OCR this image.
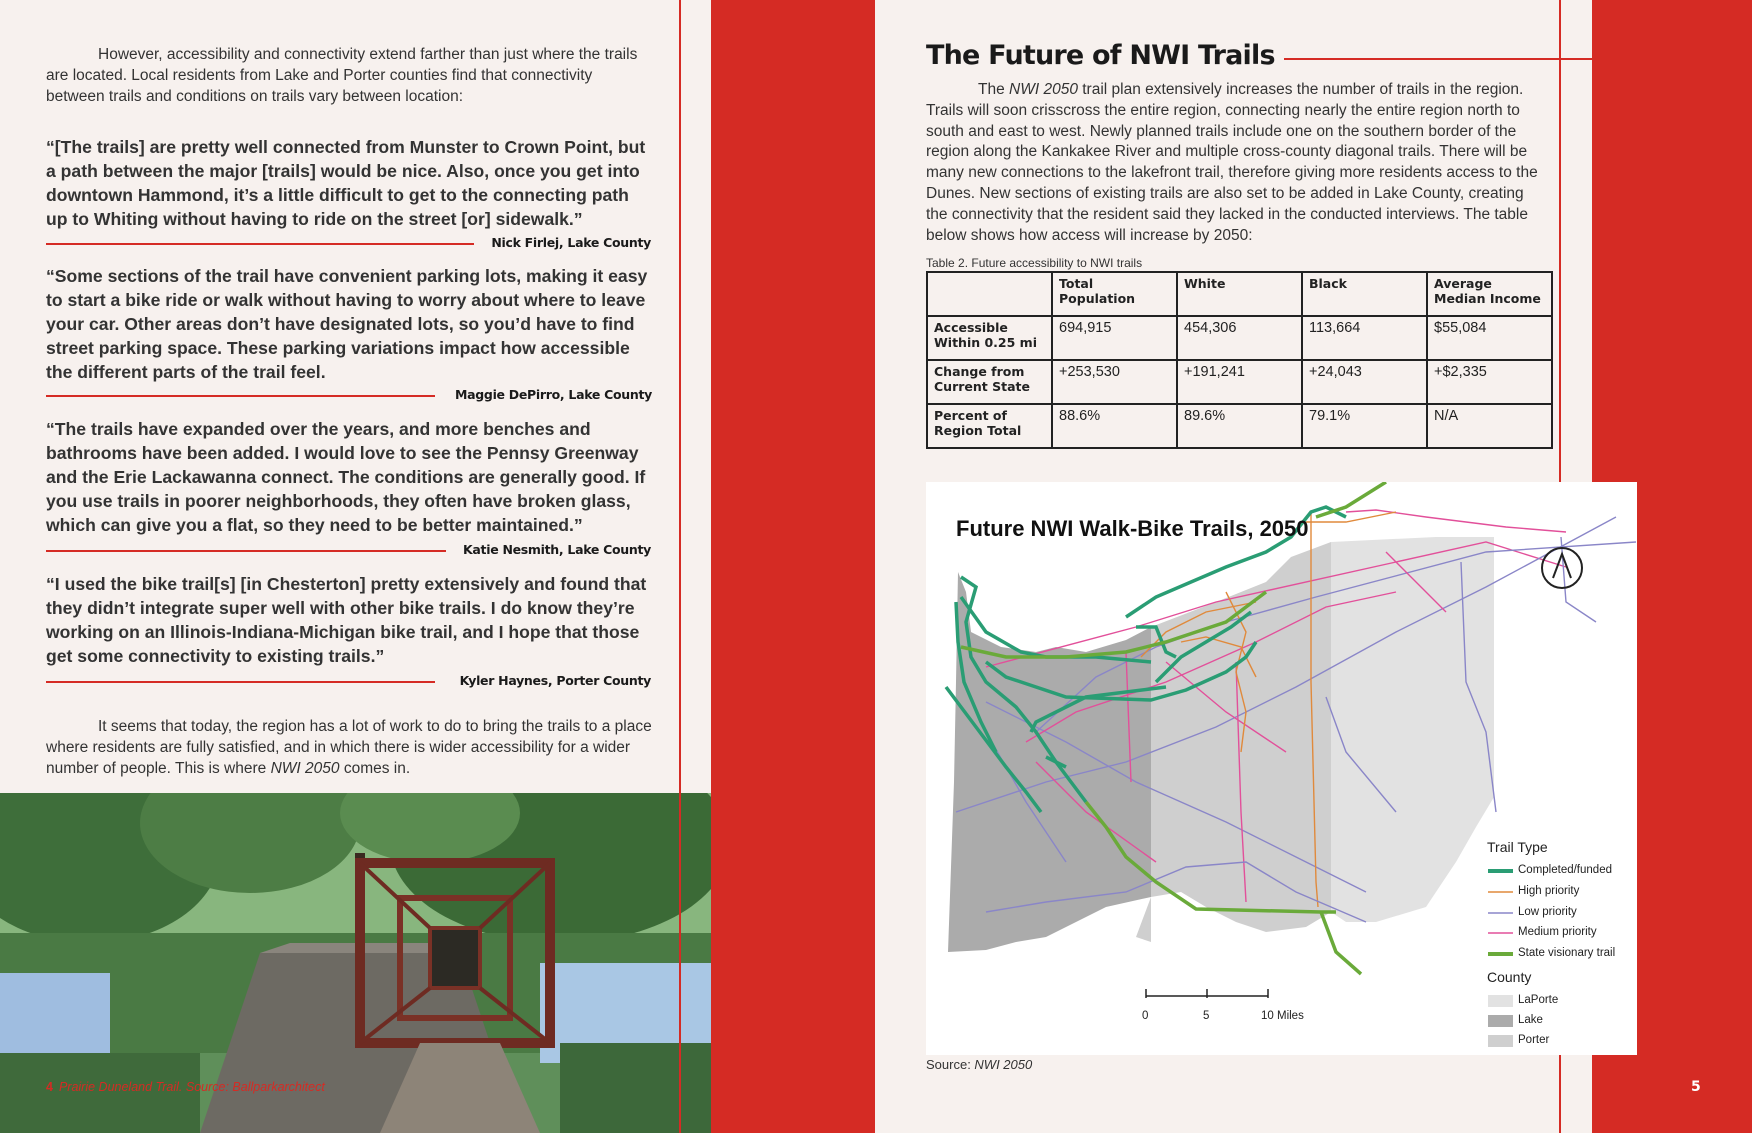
However, accessibility and connectivity extend farther than just where the trails are located. Local residents from Lake and Porter counties find that connectivity between trails and conditions on trails vary between location:

“[The trails] are pretty well connected from Munster to Crown Point, but a path between the major [trails] would be nice. Also, once you get into downtown Hammond, it’s a little difficult to get to the connecting path up to Whiting without having to ride on the street [or] sidewalk.”

Nick Firlej, Lake County

“Some sections of the trail have convenient parking lots, making it easy to start a bike ride or walk without having to worry about where to leave your car. Other areas don’t have designated lots, so you’d have to find street parking space. These parking variations impact how accessible the different parts of the trail feel.

Maggie DePirro, Lake County

“The trails have expanded over the years, and more benches and bathrooms have been added. I would love to see the Pennsy Greenway and the Erie Lackawanna connect. The conditions are generally good. If you use trails in poorer neighborhoods, they often have broken glass, which can give you a flat, so they need to be better maintained.”

Katie Nesmith, Lake County

“I used the bike trail[s] [in Chesterton] pretty extensively and found that they didn’t integrate super well with other bike trails. I do know they’re working on an Illinois-Indiana-Michigan bike trail, and I hope that those get some connectivity to existing trails.”

Kyler Haynes, Porter County

It seems that today, the region has a lot of work to do to bring the trails to a place where residents are fully satisfied, and in which there is wider accessibility for a wider number of people. This is where NWI 2050 comes in.

4 Prairie Duneland Trail. Source: Ballparkarchitect
The Future of NWI Trails

The NWI 2050 trail plan extensively increases the number of trails in the region. Trails will soon crisscross the entire region, connecting nearly the entire region north to south and east to west. Newly planned trails include one on the southern border of the region along the Kankakee River and multiple cross-county diagonal trails. There will be many new connections to the lakefront trail, therefore giving more residents access to the Dunes. New sections of existing trails are also set to be added in Lake County, creating the connectivity that the resident said they lacked in the conducted interviews. The table below shows how access will increase by 2050:

Table 2. Future accessibility to NWI trails
	Total Population	White	Black	Average Median Income
Accessible Within 0.25 mi	694,915	454,306	113,664	$55,084
Change from Current State	+253,530	+191,241	+24,043	+$2,335
Percent of Region Total	88.6%	89.6%	79.1%	N/A
Future NWI Walk-Bike Trails, 2050
0	5	10 Miles
Trail Type
Completed/funded
High priority
Low priority
Medium priority
State visionary trail
County
LaPorte
Lake
Porter
Source: NWI 2050
5
